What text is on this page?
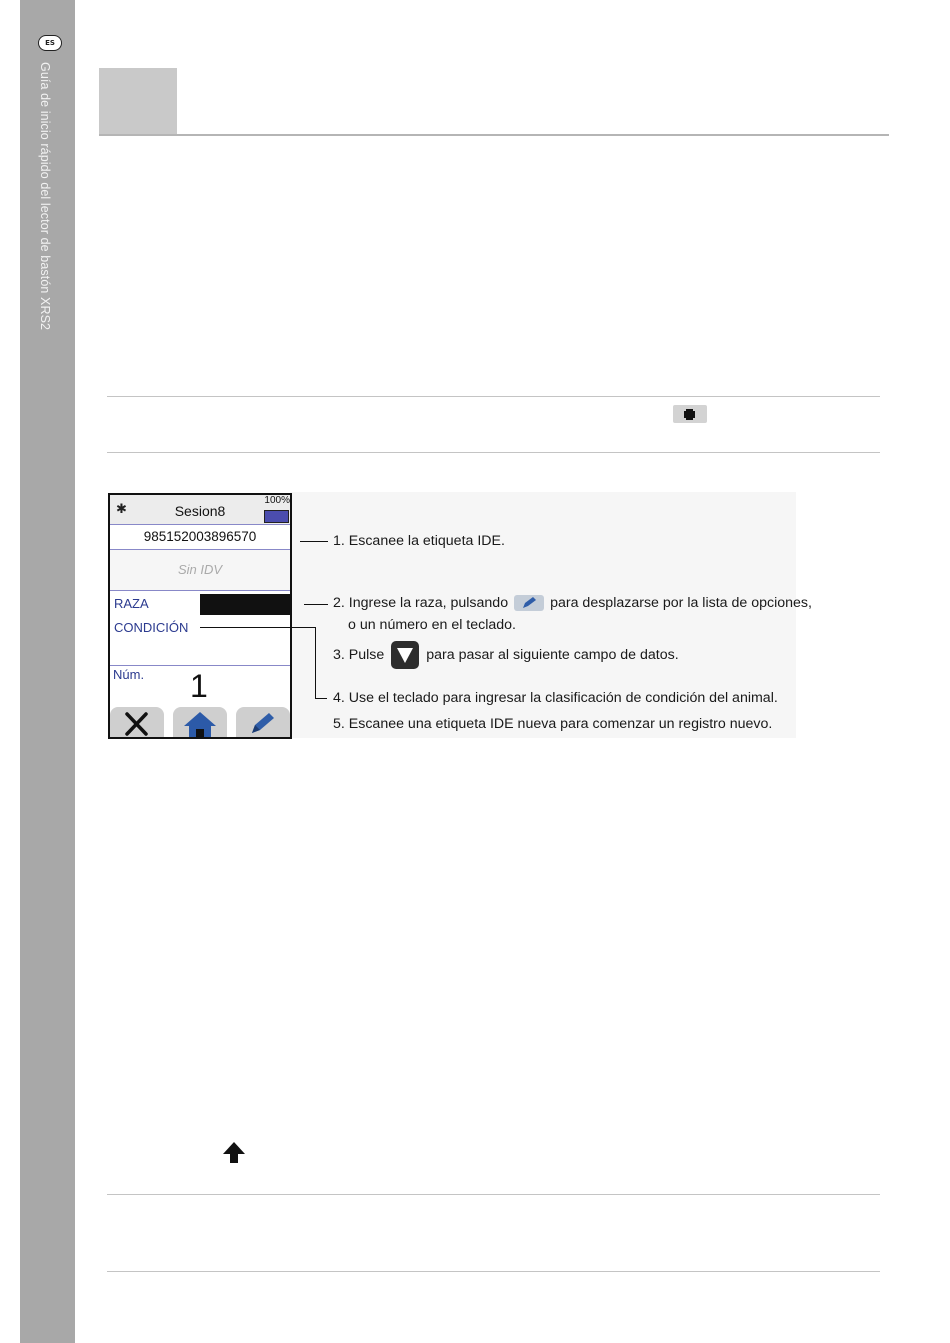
ES
Guía de inicio rápido del lector de bastón XRS2
✱	Sesion8
100%
985152003896570
Sin IDV
RAZA
CONDICIÓN
Núm. 1
1. Escanee la etiqueta IDE.
2. Ingrese la raza, pulsando	para desplazarse por la lista de opciones,
o un número en el teclado.
3. Pulse	para pasar al siguiente campo de datos.
4. Use el teclado para ingresar la clasificación de condición del animal.
5. Escanee una etiqueta IDE nueva para comenzar un registro nuevo.
